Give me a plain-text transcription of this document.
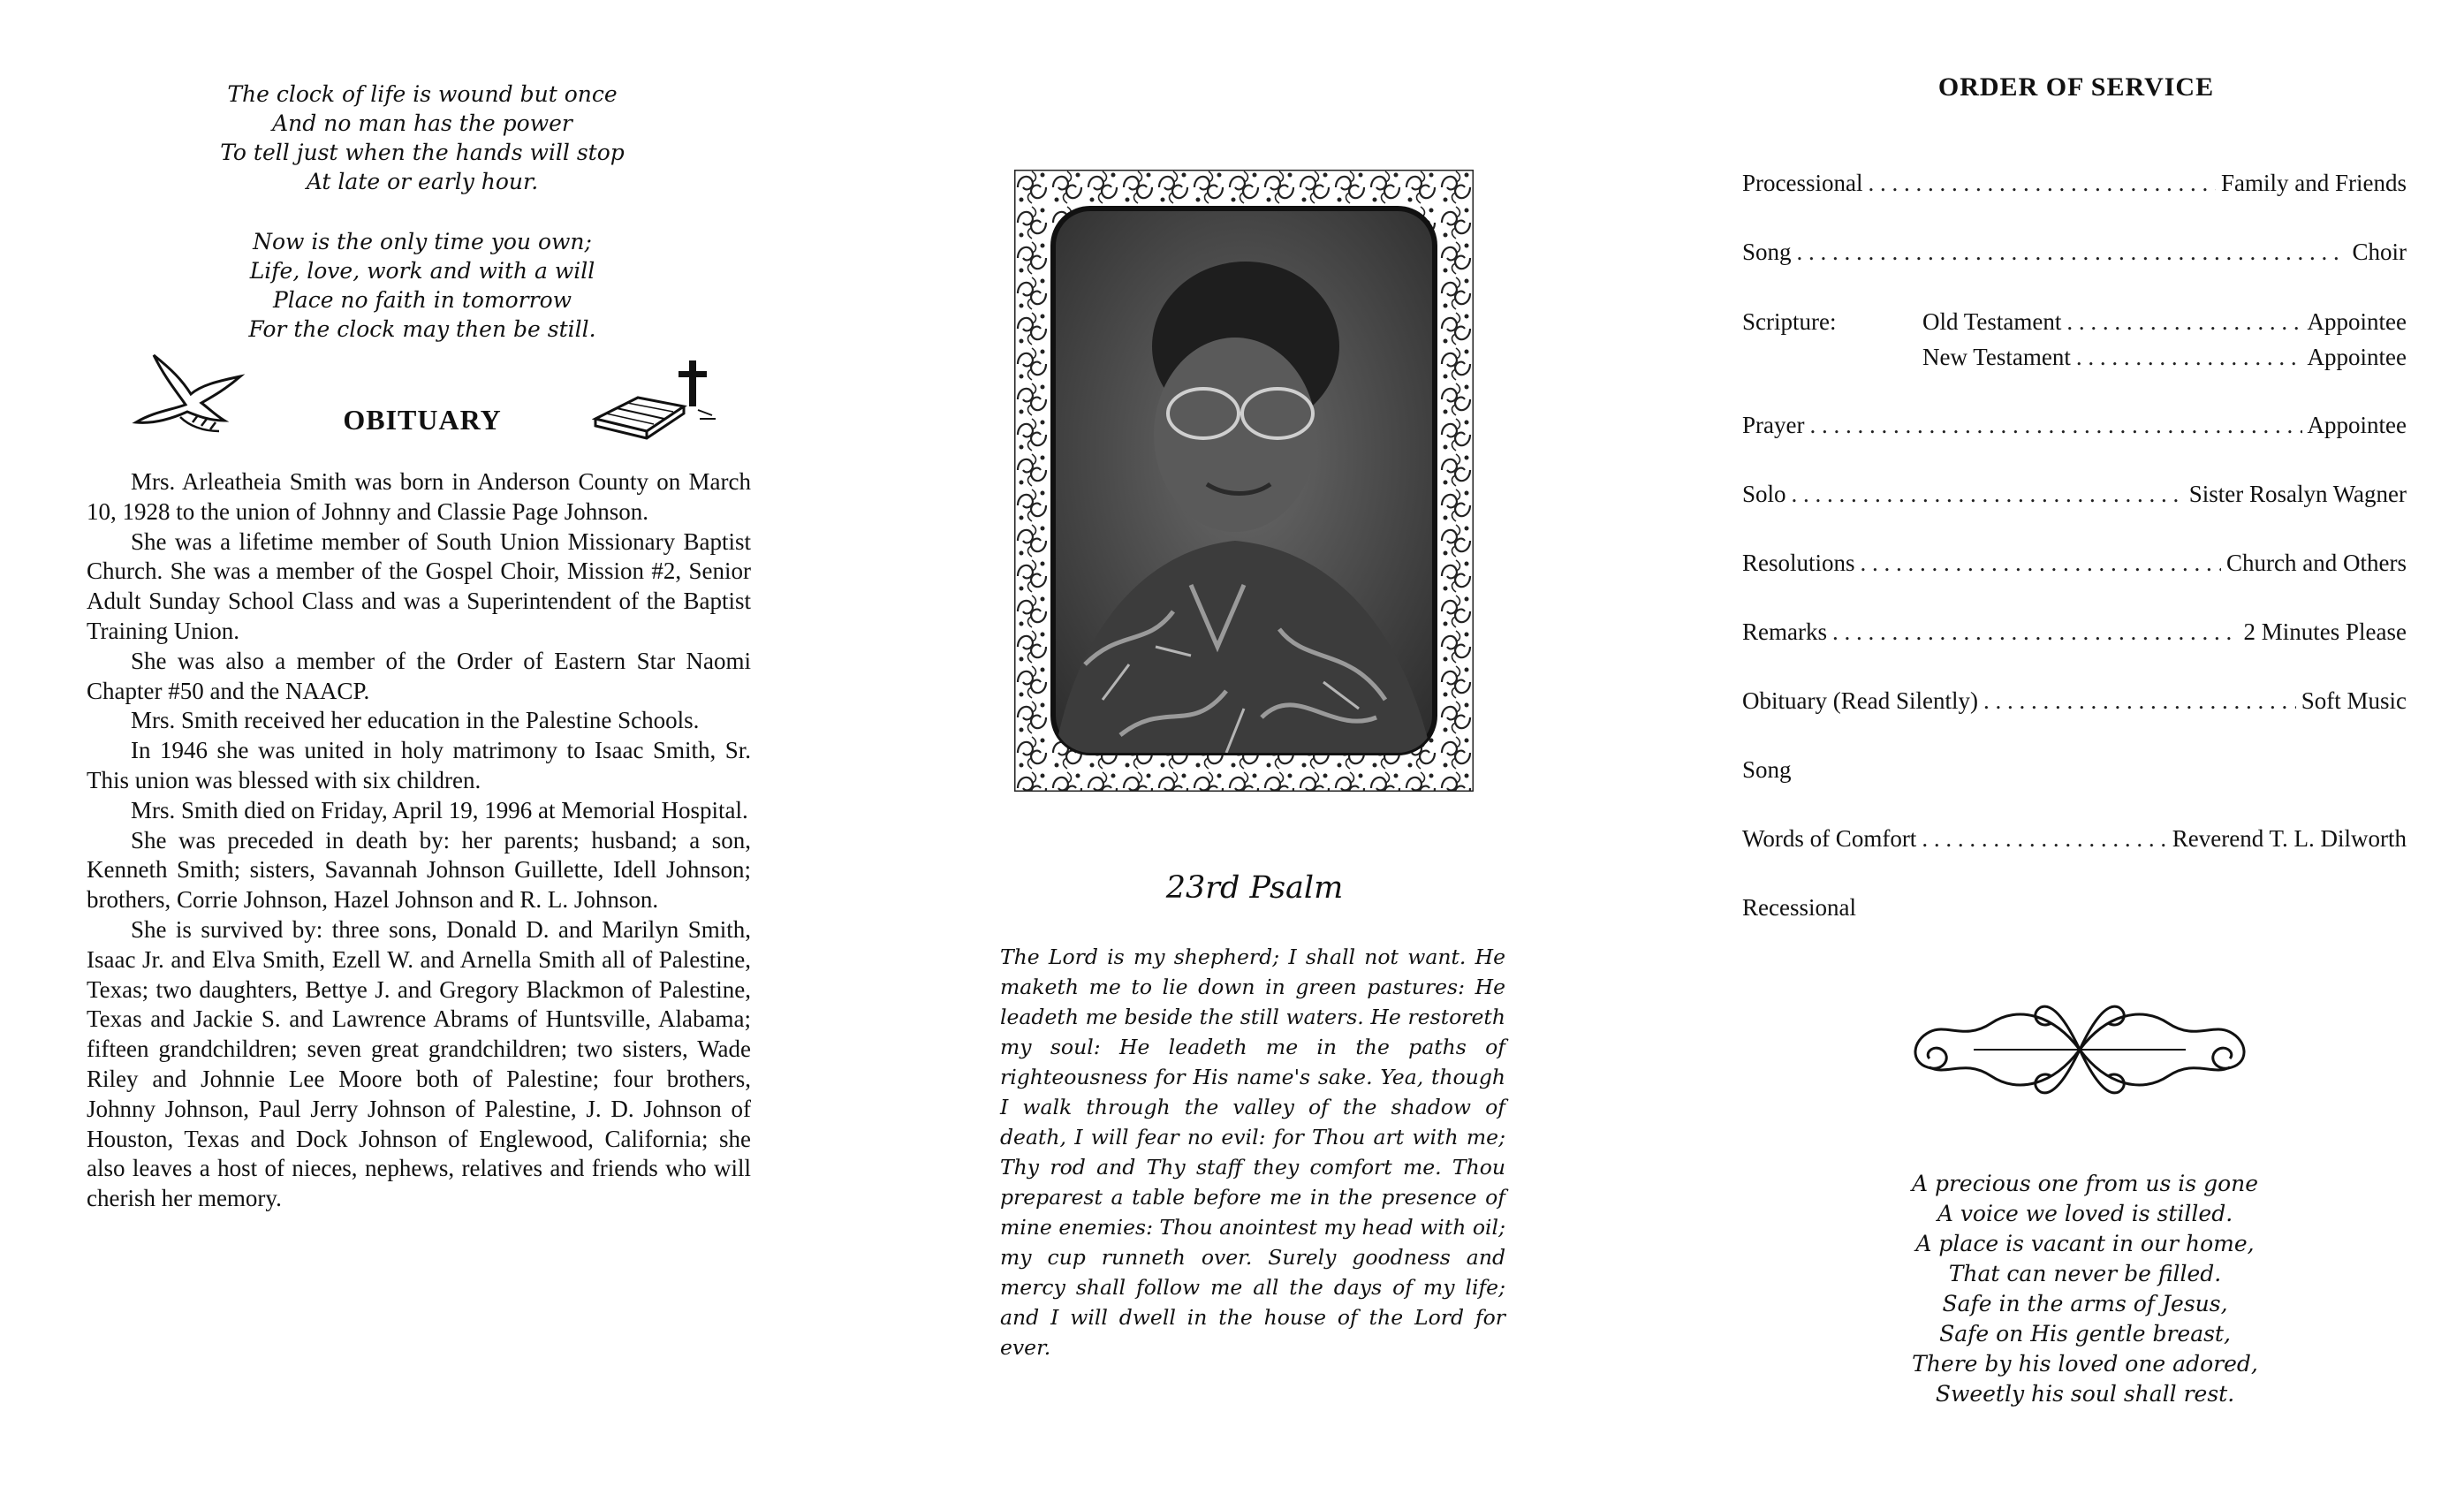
The clock of life is wound but once
And no man has the power
To tell just when the hands will stop
At late or early hour.
Now is the only time you own;
Life, love, work and with a will
Place no faith in tomorrow
For the clock may then be still.
OBITUARY

Mrs. Arleatheia Smith was born in Anderson County on March 10, 1928 to the union of Johnny and Classie Page Johnson.

She was a lifetime member of South Union Missionary Baptist Church. She was a member of the Gospel Choir, Mission #2, Senior Adult Sunday School Class and was a Superintendent of the Baptist Training Union.

She was also a member of the Order of Eastern Star Naomi Chapter #50 and the NAACP.

Mrs. Smith received her education in the Palestine Schools.

In 1946 she was united in holy matrimony to Isaac Smith, Sr. This union was blessed with six children.

Mrs. Smith died on Friday, April 19, 1996 at Memorial Hospital.

She was preceded in death by: her parents; husband; a son, Kenneth Smith; sisters, Savannah Johnson Guillette, Idell Johnson; brothers, Corrie Johnson, Hazel Johnson and R. L. Johnson.

She is survived by: three sons, Donald D. and Marilyn Smith, Isaac Jr. and Elva Smith, Ezell W. and Arnella Smith all of Palestine, Texas; two daughters, Bettye J. and Gregory Blackmon of Palestine, Texas and Jackie S. and Lawrence Abrams of Huntsville, Alabama; fifteen grandchildren; seven great grandchildren; two sisters, Wade Riley and Johnnie Lee Moore both of Palestine; four brothers, Johnny Johnson, Paul Jerry Johnson of Palestine, J. D. Johnson of Houston, Texas and Dock Johnson of Englewood, California; she also leaves a host of nieces, nephews, relatives and friends who will cherish her memory.

23rd Psalm
The Lord is my shepherd; I shall not want. He maketh me to lie down in green pastures: He leadeth me beside the still waters. He restoreth my soul: He leadeth me in the paths of righteousness for His name's sake. Yea, though I walk through the valley of the shadow of death, I will fear no evil: for Thou art with me; Thy rod and Thy staff they comfort me. Thou preparest a table before me in the presence of mine enemies: Thou anointest my head with oil; my cup runneth over. Surely goodness and mercy shall follow me all the days of my life; and I will dwell in the house of the Lord for ever.
ORDER OF SERVICE
Processional . . .	Family and Friends
Song . . .	Choir
Scripture:	Old Testament . . .	Appointee
New Testament . . .	Appointee
Prayer . . .	Appointee
Solo . . .	Sister Rosalyn Wagner
Resolutions . . .	Church and Others
Remarks . . .	2 Minutes Please
Obituary (Read Silently) . . .	Soft Music
Song
Words of Comfort . . .	Reverend T. L. Dilworth
Recessional
A precious one from us is gone
A voice we loved is stilled.
A place is vacant in our home,
That can never be filled.
Safe in the arms of Jesus,
Safe on His gentle breast,
There by his loved one adored,
Sweetly his soul shall rest.
